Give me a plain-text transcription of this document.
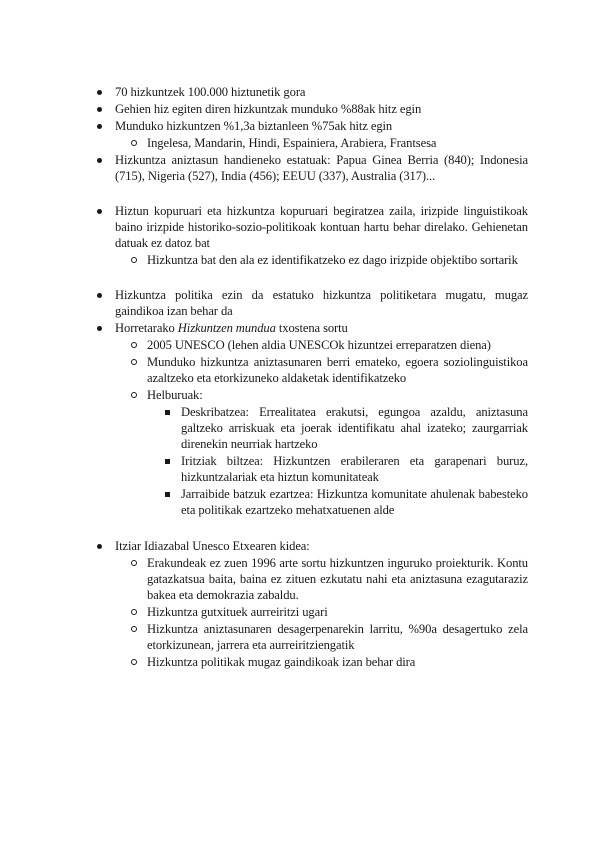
70 hizkuntzek 100.000 hiztunetik gora
Gehien hiz egiten diren hizkuntzak munduko %88ak hitz egin
Munduko hizkuntzen %1,3a biztanleen %75ak hitz egin
Ingelesa, Mandarin, Hindi, Espainiera, Arabiera, Frantsesa
Hizkuntza aniztasun handieneko estatuak: Papua Ginea Berria (840); Indonesia (715), Nigeria (527), India (456); EEUU (337), Australia (317)...
Hiztun kopuruari eta hizkuntza kopuruari begiratzea zaila, irizpide linguistikoak baino irizpide historiko-sozio-politikoak kontuan hartu behar direlako. Gehienetan datuak ez datoz bat
Hizkuntza bat den ala ez identifikatzeko ez dago irizpide objektibo sortarik
Hizkuntza politika ezin da estatuko hizkuntza politiketara mugatu, mugaz gaindikoa izan behar da
Horretarako Hizkuntzen mundua txostena sortu
2005 UNESCO (lehen aldia UNESCOk hizuntzei erreparatzen diena)
Munduko hizkuntza aniztasunaren berri emateko, egoera soziolinguistikoa azaltzeko eta etorkizuneko aldaketak identifikatzeko
Helburuak:
Deskribatzea: Errealitatea erakutsi, egungoa azaldu, aniztasuna galtzeko arriskuak eta joerak identifikatu ahal izateko; zaurgarriak direnekin neurriak hartzeko
Iritziak biltzea: Hizkuntzen erabileraren eta garapenari buruz, hizkuntzalariak eta hiztun komunitateak
Jarraibide batzuk ezartzea: Hizkuntza komunitate ahulenak babesteko eta politikak ezartzeko mehatxatuenen alde
Itziar Idiazabal Unesco Etxearen kidea:
Erakundeak ez zuen 1996 arte sortu hizkuntzen inguruko proiekturik. Kontu gatazkatsua baita, baina ez zituen ezkutatu nahi eta aniztasuna ezagutaraziz bakea eta demokrazia zabaldu.
Hizkuntza gutxituek aurreiritzi ugari
Hizkuntza aniztasunaren desagerpenarekin larritu, %90a desagertuko zela etorkizunean, jarrera eta aurreiritziengatik
Hizkuntza politikak mugaz gaindikoak izan behar dira
